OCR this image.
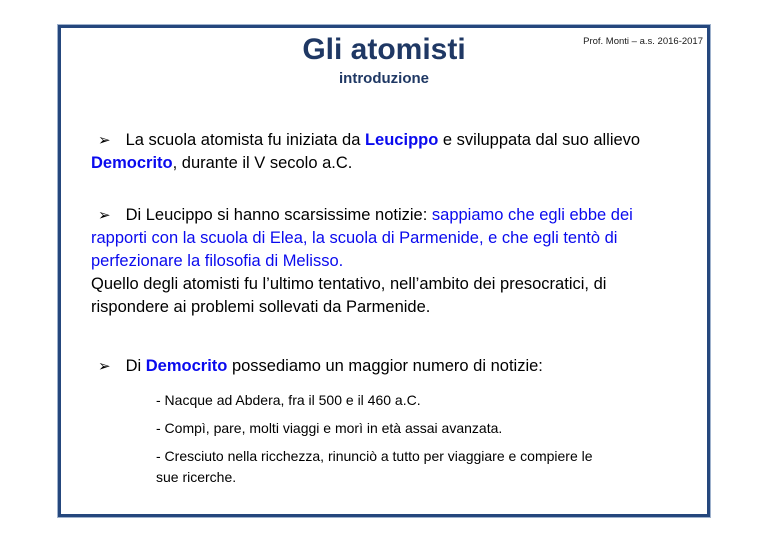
Prof. Monti – a.s. 2016-2017
Gli atomisti
introduzione

➢ La scuola atomista fu iniziata da Leucippo e sviluppata dal suo allievo Democrito, durante il V secolo a.C.

➢ Di Leucippo si hanno scarsissime notizie: sappiamo che egli ebbe dei rapporti con la scuola di Elea, la scuola di Parmenide, e che egli tentò di perfezionare la filosofia di Melisso.

Quello degli atomisti fu l’ultimo tentativo, nell’ambito dei presocratici, di rispondere ai problemi sollevati da Parmenide.

➢ Di Democrito possediamo un maggior numero di notizie:

- Nacque ad Abdera, fra il 500 e il 460 a.C.

- Compì, pare, molti viaggi e morì in età assai avanzata.

- Cresciuto nella ricchezza, rinunciò a tutto per viaggiare e compiere le sue ricerche.
